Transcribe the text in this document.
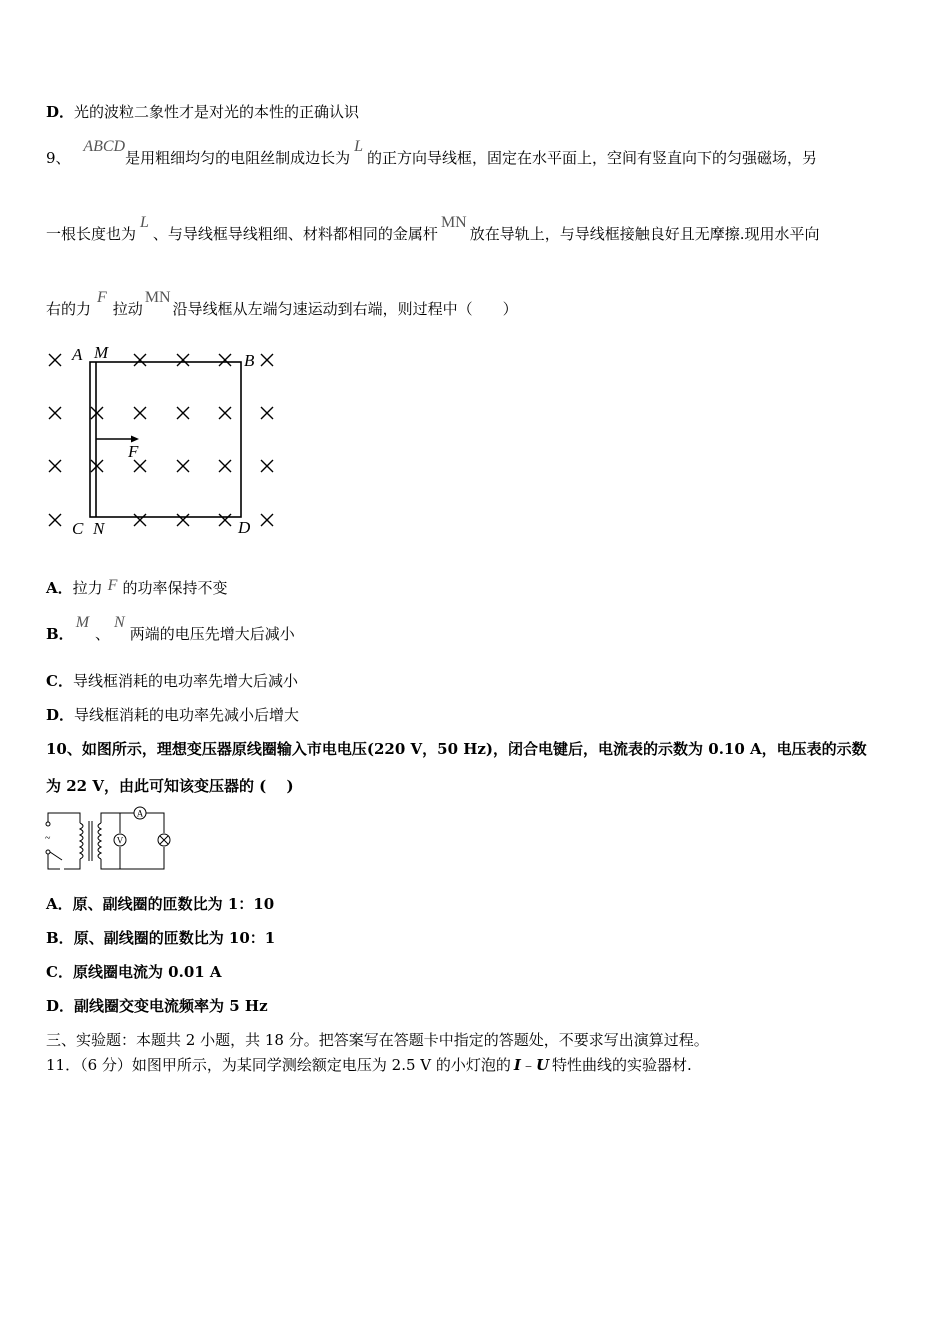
D．光的波粒二象性才是对光的本性的正确认识
9、 ABCD是用粗细均匀的电阻丝制成边长为L的正方向导线框，固定在水平面上，空间有竖直向下的匀强磁场，另
一根长度也为L、与导线框导线粗细、材料都相同的金属杆MN放在导轨上，与导线框接触良好且无摩擦.现用水平向
右的力F拉动MN沿导线框从左端匀速运动到右端，则过程中（　　）
A M	B
C N	D
F
A．拉力 F 的功率保持不变
B．M、N两端的电压先增大后减小
C．导线框消耗的电功率先增大后减小
D．导线框消耗的电功率先减小后增大
10、如图所示，理想变压器原线圈输入市电电压(220 V，50 Hz)，闭合电键后，电流表的示数为 0.10 A，电压表的示数
为 22 V，由此可知该变压器的 (　 )
V
A
~
A．原、副线圈的匝数比为 1：10
B．原、副线圈的匝数比为 10：1
C．原线圈电流为 0.01 A
D．副线圈交变电流频率为 5 Hz
三、实验题：本题共 2 小题，共 18 分。把答案写在答题卡中指定的答题处，不要求写出演算过程。
11．（6 分）如图甲所示，为某同学测绘额定电压为 2.5 V 的小灯泡的 I﹣U 特性曲线的实验器材.
